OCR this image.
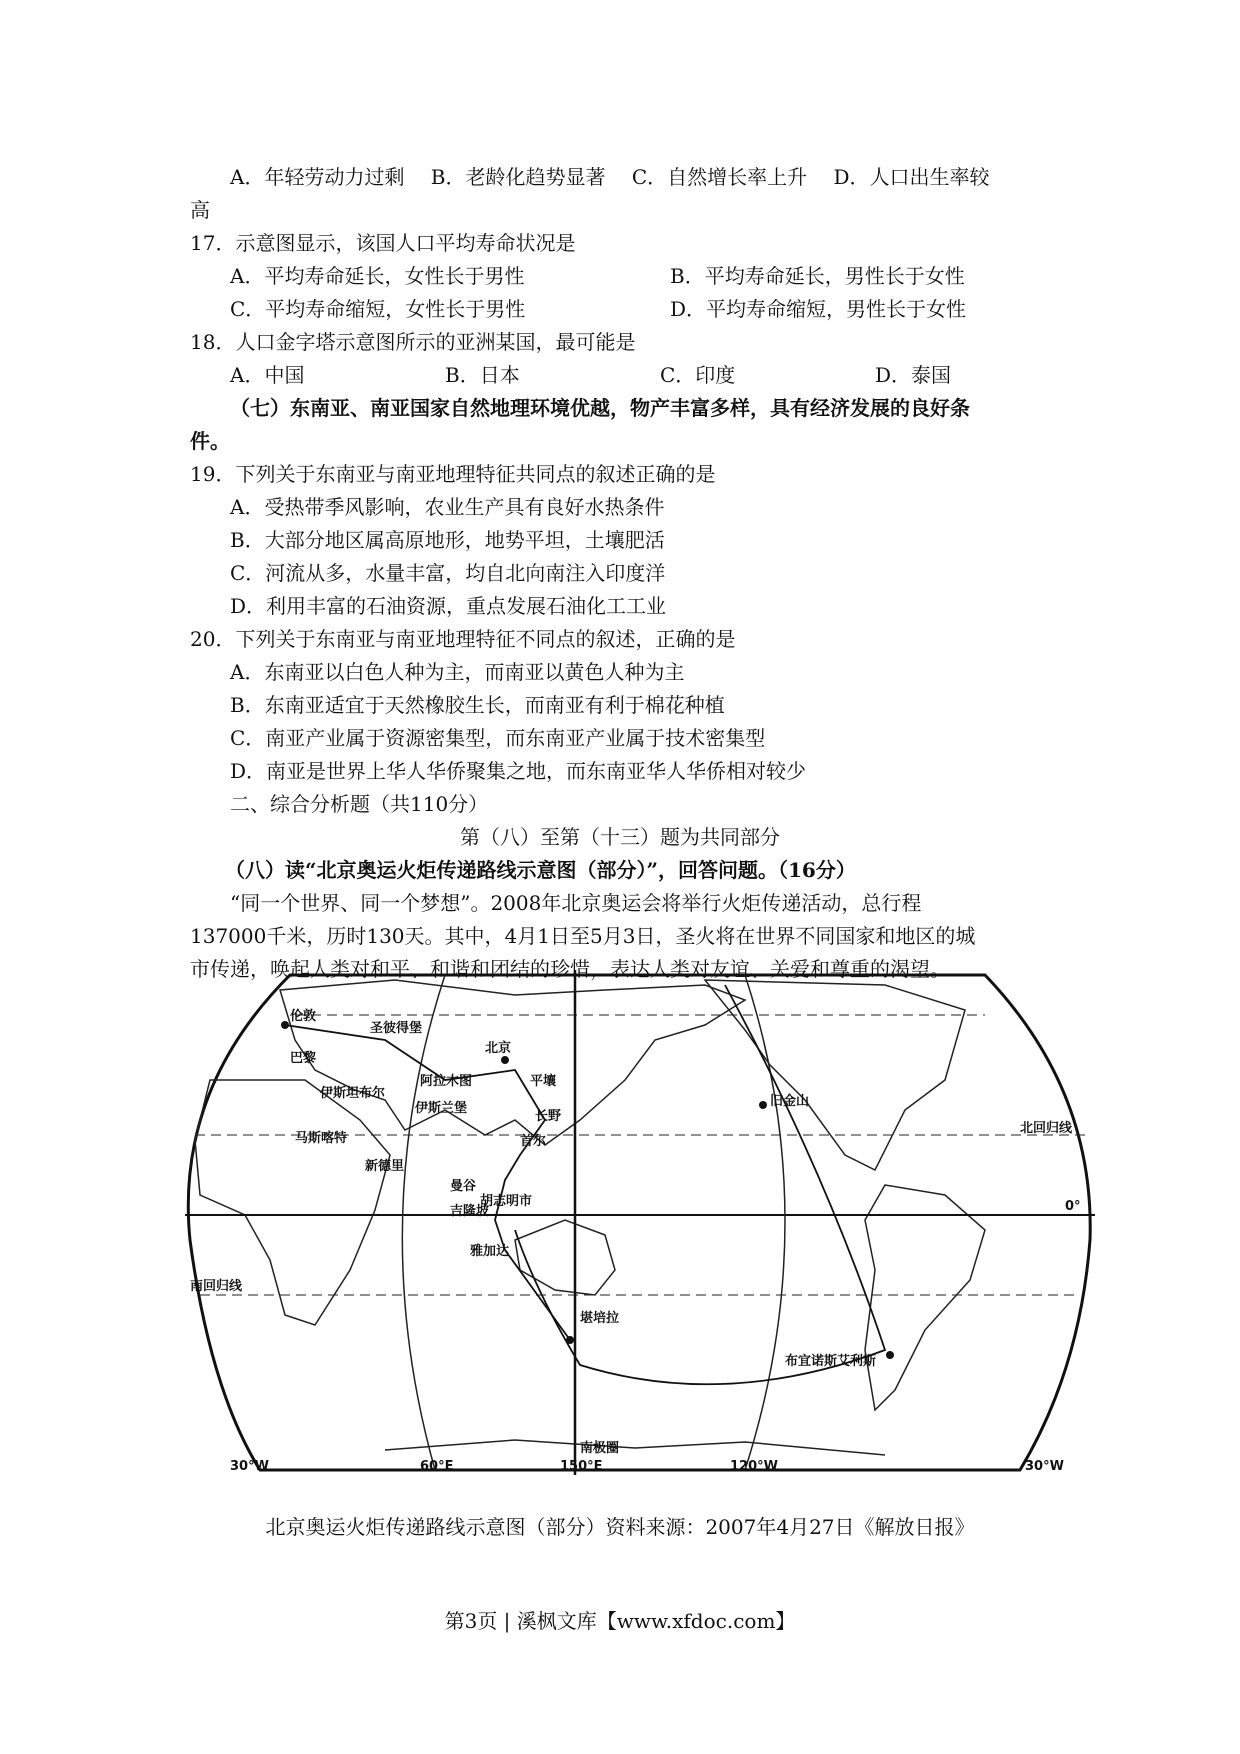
A．年轻劳动力过剩　 B．老龄化趋势显著　 C．自然增长率上升　 D．人口出生率较
高
17．示意图显示，该国人口平均寿命状况是
A．平均寿命延长，女性长于男性	B．平均寿命延长，男性长于女性
C．平均寿命缩短，女性长于男性	D．平均寿命缩短，男性长于女性
18．人口金字塔示意图所示的亚洲某国，最可能是
A．中国	B．日本	C．印度	D．泰国
（七）东南亚、南亚国家自然地理环境优越，物产丰富多样，具有经济发展的良好条
件。
19．下列关于东南亚与南亚地理特征共同点的叙述正确的是
A．受热带季风影响，农业生产具有良好水热条件
B．大部分地区属高原地形，地势平坦，土壤肥活
C．河流从多，水量丰富，均自北向南注入印度洋
D．利用丰富的石油资源，重点发展石油化工工业
20．下列关于东南亚与南亚地理特征不同点的叙述，正确的是
A．东南亚以白色人种为主，而南亚以黄色人种为主
B．东南亚适宜于天然橡胶生长，而南亚有利于棉花种植
C．南亚产业属于资源密集型，而东南亚产业属于技术密集型
D．南亚是世界上华人华侨聚集之地，而东南亚华人华侨相对较少
二、综合分析题（共110分）
第（八）至第（十三）题为共同部分
（八）读“北京奥运火炬传递路线示意图（部分）”，回答问题。（16分）
“同一个世界、同一个梦想”。2008年北京奥运会将举行火炬传递活动，总行程
137000千米，历时130天。其中，4月1日至5月3日，圣火将在世界不同国家和地区的城
市传递，唤起人类对和平、和谐和团结的珍惜，表达人类对友谊、关爱和尊重的渴望。
伦敦
圣彼得堡
巴黎
阿拉木图
伊斯坦布尔
北京
平壤
伊斯兰堡
长野
旧金山
马斯喀特	首尔
新德里
曼谷
胡志明市
吉隆坡
雅加达
堪培拉
布宜诺斯艾利斯
南极圈
0°
北回归线
南回归线
30°W	60°E	150°E	120°W	30°W
北京奥运火炬传递路线示意图（部分）资料来源：2007年4月27日《解放日报》
第3页 | 溪枫文库【www.xfdoc.com】
